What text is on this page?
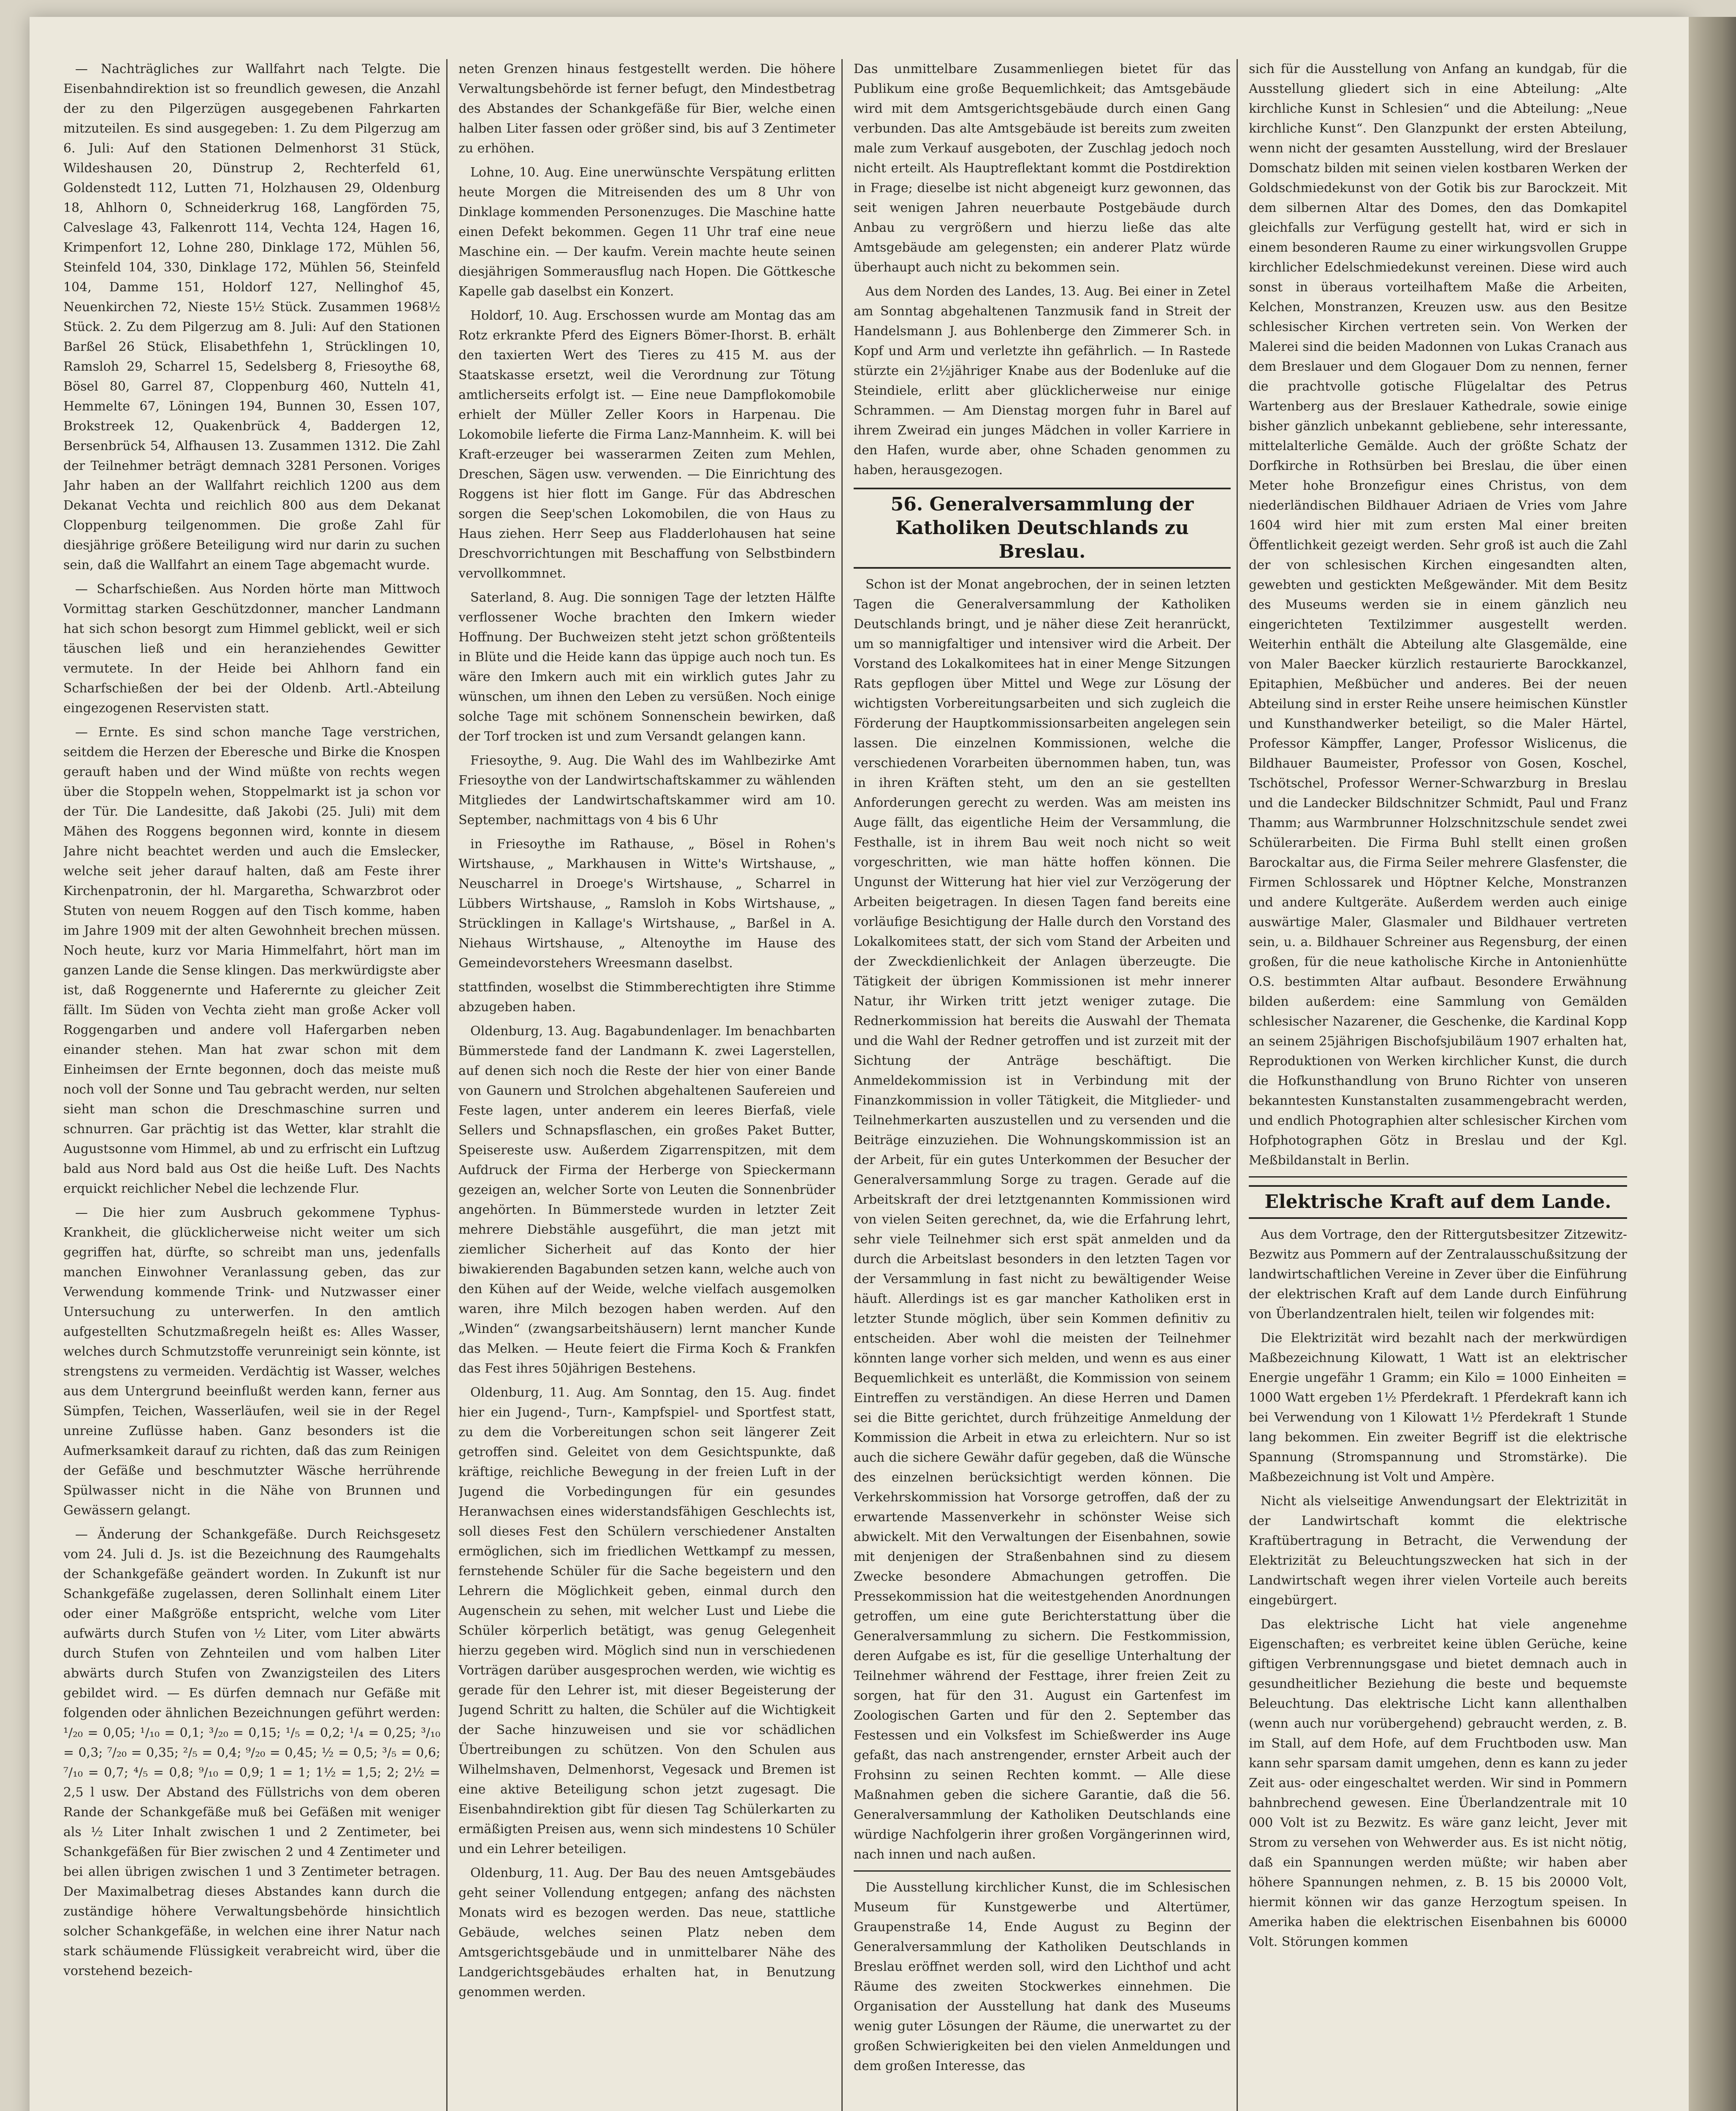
— Nachträgliches zur Wallfahrt nach Telgte. Die Eisenbahndirektion ist so freundlich gewesen, die Anzahl der zu den Pilgerzügen ausgegebenen Fahrkarten mitzuteilen. Es sind ausgegeben: 1. Zu dem Pilgerzug am 6. Juli: Auf den Stationen Delmenhorst 31 Stück, Wildeshausen 20, Dünstrup 2, Rechterfeld 61, Goldenstedt 112, Lutten 71, Holzhausen 29, Oldenburg 18, Ahlhorn 0, Schneiderkrug 168, Langförden 75, Calveslage 43, Falkenrott 114, Vechta 124, Hagen 16, Krimpenfort 12, Lohne 280, Dinklage 172, Mühlen 56, Steinfeld 104, 330, Dinklage 172, Mühlen 56, Steinfeld 104, Damme 151, Holdorf 127, Nellinghof 45, Neuenkirchen 72, Nieste 15½ Stück. Zusammen 1968½ Stück. 2. Zu dem Pilgerzug am 8. Juli: Auf den Stationen Barßel 26 Stück, Elisabethfehn 1, Strücklingen 10, Ramsloh 29, Scharrel 15, Sedelsberg 8, Friesoythe 68, Bösel 80, Garrel 87, Cloppenburg 460, Nutteln 41, Hemmelte 67, Löningen 194, Bunnen 30, Essen 107, Brokstreek 12, Quakenbrück 4, Baddergen 12, Bersenbrück 54, Alfhausen 13. Zusammen 1312. Die Zahl der Teilnehmer beträgt demnach 3281 Personen. Voriges Jahr haben an der Wallfahrt reichlich 1200 aus dem Dekanat Vechta und reichlich 800 aus dem Dekanat Cloppenburg teilgenommen. Die große Zahl für diesjährige größere Beteiligung wird nur darin zu suchen sein, daß die Wallfahrt an einem Tage abgemacht wurde.

— Scharfschießen. Aus Norden hörte man Mittwoch Vormittag starken Geschützdonner, mancher Landmann hat sich schon besorgt zum Himmel geblickt, weil er sich täuschen ließ und ein heranziehendes Gewitter vermutete. In der Heide bei Ahlhorn fand ein Scharfschießen der bei der Oldenb. Artl.-Abteilung eingezogenen Reservisten statt.

— Ernte. Es sind schon manche Tage verstrichen, seitdem die Herzen der Eberesche und Birke die Knospen gerauft haben und der Wind müßte von rechts wegen über die Stoppeln wehen, Stoppelmarkt ist ja schon vor der Tür. Die Landesitte, daß Jakobi (25. Juli) mit dem Mähen des Roggens begonnen wird, konnte in diesem Jahre nicht beachtet werden und auch die Emslecker, welche seit jeher darauf halten, daß am Feste ihrer Kirchenpatronin, der hl. Margaretha, Schwarzbrot oder Stuten von neuem Roggen auf den Tisch komme, haben im Jahre 1909 mit der alten Gewohnheit brechen müssen. Noch heute, kurz vor Maria Himmelfahrt, hört man im ganzen Lande die Sense klingen. Das merkwürdigste aber ist, daß Roggenernte und Haferernte zu gleicher Zeit fällt. Im Süden von Vechta zieht man große Acker voll Roggengarben und andere voll Hafergarben neben einander stehen. Man hat zwar schon mit dem Einheimsen der Ernte begonnen, doch das meiste muß noch voll der Sonne und Tau gebracht werden, nur selten sieht man schon die Dreschmaschine surren und schnurren. Gar prächtig ist das Wetter, klar strahlt die Augustsonne vom Himmel, ab und zu erfrischt ein Luftzug bald aus Nord bald aus Ost die heiße Luft. Des Nachts erquickt reichlicher Nebel die lechzende Flur.

— Die hier zum Ausbruch gekommene Typhus-Krankheit, die glücklicherweise nicht weiter um sich gegriffen hat, dürfte, so schreibt man uns, jedenfalls manchen Einwohner Veranlassung geben, das zur Verwendung kommende Trink- und Nutzwasser einer Untersuchung zu unterwerfen. In den amtlich aufgestellten Schutzmaßregeln heißt es: Alles Wasser, welches durch Schmutzstoffe verunreinigt sein könnte, ist strengstens zu vermeiden. Verdächtig ist Wasser, welches aus dem Untergrund beeinflußt werden kann, ferner aus Sümpfen, Teichen, Wasserläufen, weil sie in der Regel unreine Zuflüsse haben. Ganz besonders ist die Aufmerksamkeit darauf zu richten, daß das zum Reinigen der Gefäße und beschmutzter Wäsche herrührende Spülwasser nicht in die Nähe von Brunnen und Gewässern gelangt.

— Änderung der Schankgefäße. Durch Reichsgesetz vom 24. Juli d. Js. ist die Bezeichnung des Raumgehalts der Schankgefäße geändert worden. In Zukunft ist nur Schankgefäße zugelassen, deren Sollinhalt einem Liter oder einer Maßgröße entspricht, welche vom Liter aufwärts durch Stufen von ½ Liter, vom Liter abwärts durch Stufen von Zehnteilen und vom halben Liter abwärts durch Stufen von Zwanzigsteilen des Liters gebildet wird. — Es dürfen demnach nur Gefäße mit folgenden oder ähnlichen Bezeichnungen geführt werden: ¹/₂₀ = 0,05; ¹/₁₀ = 0,1; ³/₂₀ = 0,15; ¹/₅ = 0,2; ¹/₄ = 0,25; ³/₁₀ = 0,3; ⁷/₂₀ = 0,35; ²/₅ = 0,4; ⁹/₂₀ = 0,45; ½ = 0,5; ³/₅ = 0,6; ⁷/₁₀ = 0,7; ⁴/₅ = 0,8; ⁹/₁₀ = 0,9; 1 = 1; 1½ = 1,5; 2; 2½ = 2,5 l usw. Der Abstand des Füllstrichs von dem oberen Rande der Schankgefäße muß bei Gefäßen mit weniger als ½ Liter Inhalt zwischen 1 und 2 Zentimeter, bei Schankgefäßen für Bier zwischen 2 und 4 Zentimeter und bei allen übrigen zwischen 1 und 3 Zentimeter betragen. Der Maximalbetrag dieses Abstandes kann durch die zuständige höhere Verwaltungsbehörde hinsichtlich solcher Schankgefäße, in welchen eine ihrer Natur nach stark schäumende Flüssigkeit verabreicht wird, über die vorstehend bezeich-

neten Grenzen hinaus festgestellt werden. Die höhere Verwaltungsbehörde ist ferner befugt, den Mindestbetrag des Abstandes der Schankgefäße für Bier, welche einen halben Liter fassen oder größer sind, bis auf 3 Zentimeter zu erhöhen.

Lohne, 10. Aug. Eine unerwünschte Verspätung erlitten heute Morgen die Mitreisenden des um 8 Uhr von Dinklage kommenden Personenzuges. Die Maschine hatte einen Defekt bekommen. Gegen 11 Uhr traf eine neue Maschine ein. — Der kaufm. Verein machte heute seinen diesjährigen Sommerausflug nach Hopen. Die Göttkesche Kapelle gab daselbst ein Konzert.

Holdorf, 10. Aug. Erschossen wurde am Montag das am Rotz erkrankte Pferd des Eigners Bömer-Ihorst. B. erhält den taxierten Wert des Tieres zu 415 M. aus der Staatskasse ersetzt, weil die Verordnung zur Tötung amtlicherseits erfolgt ist. — Eine neue Dampflokomobile erhielt der Müller Zeller Koors in Harpenau. Die Lokomobile lieferte die Firma Lanz-Mannheim. K. will bei Kraft-erzeuger bei wasserarmen Zeiten zum Mehlen, Dreschen, Sägen usw. verwenden. — Die Einrichtung des Roggens ist hier flott im Gange. Für das Abdreschen sorgen die Seep'schen Lokomobilen, die von Haus zu Haus ziehen. Herr Seep aus Fladderlohausen hat seine Dreschvorrichtungen mit Beschaffung von Selbstbindern vervollkommnet.

Saterland, 8. Aug. Die sonnigen Tage der letzten Hälfte verflossener Woche brachten den Imkern wieder Hoffnung. Der Buchweizen steht jetzt schon größtenteils in Blüte und die Heide kann das üppige auch noch tun. Es wäre den Imkern auch mit ein wirklich gutes Jahr zu wünschen, um ihnen den Leben zu versüßen. Noch einige solche Tage mit schönem Sonnenschein bewirken, daß der Torf trocken ist und zum Versandt gelangen kann.

Friesoythe, 9. Aug. Die Wahl des im Wahlbezirke Amt Friesoythe von der Landwirtschaftskammer zu wählenden Mitgliedes der Landwirtschaftskammer wird am 10. September, nachmittags von 4 bis 6 Uhr

in Friesoythe im Rathause, „ Bösel in Rohen's Wirtshause, „ Markhausen in Witte's Wirtshause, „ Neuscharrel in Droege's Wirtshause, „ Scharrel in Lübbers Wirtshause, „ Ramsloh in Kobs Wirtshause, „ Strücklingen in Kallage's Wirtshause, „ Barßel in A. Niehaus Wirtshause, „ Altenoythe im Hause des Gemeindevorstehers Wreesmann daselbst.

stattfinden, woselbst die Stimmberechtigten ihre Stimme abzugeben haben.

Oldenburg, 13. Aug. Bagabundenlager. Im benachbarten Bümmerstede fand der Landmann K. zwei Lagerstellen, auf denen sich noch die Reste der hier von einer Bande von Gaunern und Strolchen abgehaltenen Saufereien und Feste lagen, unter anderem ein leeres Bierfaß, viele Sellers und Schnapsflaschen, ein großes Paket Butter, Speisereste usw. Außerdem Zigarrenspitzen, mit dem Aufdruck der Firma der Herberge von Spieckermann gezeigen an, welcher Sorte von Leuten die Sonnenbrüder angehörten. In Bümmerstede wurden in letzter Zeit mehrere Diebstähle ausgeführt, die man jetzt mit ziemlicher Sicherheit auf das Konto der hier biwakierenden Bagabunden setzen kann, welche auch von den Kühen auf der Weide, welche vielfach ausgemolken waren, ihre Milch bezogen haben werden. Auf den „Winden“ (zwangsarbeitshäusern) lernt mancher Kunde das Melken. — Heute feiert die Firma Koch & Frankfen das Fest ihres 50jährigen Bestehens.

Oldenburg, 11. Aug. Am Sonntag, den 15. Aug. findet hier ein Jugend-, Turn-, Kampfspiel- und Sportfest statt, zu dem die Vorbereitungen schon seit längerer Zeit getroffen sind. Geleitet von dem Gesichtspunkte, daß kräftige, reichliche Bewegung in der freien Luft in der Jugend die Vorbedingungen für ein gesundes Heranwachsen eines widerstandsfähigen Geschlechts ist, soll dieses Fest den Schülern verschiedener Anstalten ermöglichen, sich im friedlichen Wettkampf zu messen, fernstehende Schüler für die Sache begeistern und den Lehrern die Möglichkeit geben, einmal durch den Augenschein zu sehen, mit welcher Lust und Liebe die Schüler körperlich betätigt, was genug Gelegenheit hierzu gegeben wird. Möglich sind nun in verschiedenen Vorträgen darüber ausgesprochen werden, wie wichtig es gerade für den Lehrer ist, mit dieser Begeisterung der Jugend Schritt zu halten, die Schüler auf die Wichtigkeit der Sache hinzuweisen und sie vor schädlichen Übertreibungen zu schützen. Von den Schulen aus Wilhelmshaven, Delmenhorst, Vegesack und Bremen ist eine aktive Beteiligung schon jetzt zugesagt. Die Eisenbahndirektion gibt für diesen Tag Schülerkarten zu ermäßigten Preisen aus, wenn sich mindestens 10 Schüler und ein Lehrer beteiligen.

Oldenburg, 11. Aug. Der Bau des neuen Amtsgebäudes geht seiner Vollendung entgegen; anfang des nächsten Monats wird es bezogen werden. Das neue, stattliche Gebäude, welches seinen Platz neben dem Amtsgerichtsgebäude und in unmittelbarer Nähe des Landgerichtsgebäudes erhalten hat, in Benutzung genommen werden.

Das unmittelbare Zusammenliegen bietet für das Publikum eine große Bequemlichkeit; das Amtsgebäude wird mit dem Amtsgerichtsgebäude durch einen Gang verbunden. Das alte Amtsgebäude ist bereits zum zweiten male zum Verkauf ausgeboten, der Zuschlag jedoch noch nicht erteilt. Als Hauptreflektant kommt die Postdirektion in Frage; dieselbe ist nicht abgeneigt kurz gewonnen, das seit wenigen Jahren neuerbaute Postgebäude durch Anbau zu vergrößern und hierzu ließe das alte Amtsgebäude am gelegensten; ein anderer Platz würde überhaupt auch nicht zu bekommen sein.

Aus dem Norden des Landes, 13. Aug. Bei einer in Zetel am Sonntag abgehaltenen Tanzmusik fand in Streit der Handelsmann J. aus Bohlenberge den Zimmerer Sch. in Kopf und Arm und verletzte ihn gefährlich. — In Rastede stürzte ein 2½jähriger Knabe aus der Bodenluke auf die Steindiele, erlitt aber glücklicherweise nur einige Schrammen. — Am Dienstag morgen fuhr in Barel auf ihrem Zweirad ein junges Mädchen in voller Karriere in den Hafen, wurde aber, ohne Schaden genommen zu haben, herausgezogen.

56. Generalversammlung der Katholiken Deutschlands zu Breslau.

Schon ist der Monat angebrochen, der in seinen letzten Tagen die Generalversammlung der Katholiken Deutschlands bringt, und je näher diese Zeit heranrückt, um so mannigfaltiger und intensiver wird die Arbeit. Der Vorstand des Lokalkomitees hat in einer Menge Sitzungen Rats gepflogen über Mittel und Wege zur Lösung der wichtigsten Vorbereitungsarbeiten und sich zugleich die Förderung der Hauptkommissionsarbeiten angelegen sein lassen. Die einzelnen Kommissionen, welche die verschiedenen Vorarbeiten übernommen haben, tun, was in ihren Kräften steht, um den an sie gestellten Anforderungen gerecht zu werden. Was am meisten ins Auge fällt, das eigentliche Heim der Versammlung, die Festhalle, ist in ihrem Bau weit noch nicht so weit vorgeschritten, wie man hätte hoffen können. Die Ungunst der Witterung hat hier viel zur Verzögerung der Arbeiten beigetragen. In diesen Tagen fand bereits eine vorläufige Besichtigung der Halle durch den Vorstand des Lokalkomitees statt, der sich vom Stand der Arbeiten und der Zweckdienlichkeit der Anlagen überzeugte. Die Tätigkeit der übrigen Kommissionen ist mehr innerer Natur, ihr Wirken tritt jetzt weniger zutage. Die Rednerkommission hat bereits die Auswahl der Themata und die Wahl der Redner getroffen und ist zurzeit mit der Sichtung der Anträge beschäftigt. Die Anmeldekommission ist in Verbindung mit der Finanzkommission in voller Tätigkeit, die Mitglieder- und Teilnehmerkarten auszustellen und zu versenden und die Beiträge einzuziehen. Die Wohnungskommission ist an der Arbeit, für ein gutes Unterkommen der Besucher der Generalversammlung Sorge zu tragen. Gerade auf die Arbeitskraft der drei letztgenannten Kommissionen wird von vielen Seiten gerechnet, da, wie die Erfahrung lehrt, sehr viele Teilnehmer sich erst spät anmelden und da durch die Arbeitslast besonders in den letzten Tagen vor der Versammlung in fast nicht zu bewältigender Weise häuft. Allerdings ist es gar mancher Katholiken erst in letzter Stunde möglich, über sein Kommen definitiv zu entscheiden. Aber wohl die meisten der Teilnehmer könnten lange vorher sich melden, und wenn es aus einer Bequemlichkeit es unterläßt, die Kommission von seinem Eintreffen zu verständigen. An diese Herren und Damen sei die Bitte gerichtet, durch frühzeitige Anmeldung der Kommission die Arbeit in etwa zu erleichtern. Nur so ist auch die sichere Gewähr dafür gegeben, daß die Wünsche des einzelnen berücksichtigt werden können. Die Verkehrskommission hat Vorsorge getroffen, daß der zu erwartende Massenverkehr in schönster Weise sich abwickelt. Mit den Verwaltungen der Eisenbahnen, sowie mit denjenigen der Straßenbahnen sind zu diesem Zwecke besondere Abmachungen getroffen. Die Pressekommission hat die weitestgehenden Anordnungen getroffen, um eine gute Berichterstattung über die Generalversammlung zu sichern. Die Festkommission, deren Aufgabe es ist, für die gesellige Unterhaltung der Teilnehmer während der Festtage, ihrer freien Zeit zu sorgen, hat für den 31. August ein Gartenfest im Zoologischen Garten und für den 2. September das Festessen und ein Volksfest im Schießwerder ins Auge gefaßt, das nach anstrengender, ernster Arbeit auch der Frohsinn zu seinen Rechten kommt. — Alle diese Maßnahmen geben die sichere Garantie, daß die 56. Generalversammlung der Katholiken Deutschlands eine würdige Nachfolgerin ihrer großen Vorgängerinnen wird, nach innen und nach außen.

Die Ausstellung kirchlicher Kunst, die im Schlesischen Museum für Kunstgewerbe und Altertümer, Graupenstraße 14, Ende August zu Beginn der Generalversammlung der Katholiken Deutschlands in Breslau eröffnet werden soll, wird den Lichthof und acht Räume des zweiten Stockwerkes einnehmen. Die Organisation der Ausstellung hat dank des Museums wenig guter Lösungen der Räume, die unerwartet zu der großen Schwierigkeiten bei den vielen Anmeldungen und dem großen Interesse, das

sich für die Ausstellung von Anfang an kundgab, für die Ausstellung gliedert sich in eine Abteilung: „Alte kirchliche Kunst in Schlesien“ und die Abteilung: „Neue kirchliche Kunst“. Den Glanzpunkt der ersten Abteilung, wenn nicht der gesamten Ausstellung, wird der Breslauer Domschatz bilden mit seinen vielen kostbaren Werken der Goldschmiedekunst von der Gotik bis zur Barockzeit. Mit dem silbernen Altar des Domes, den das Domkapitel gleichfalls zur Verfügung gestellt hat, wird er sich in einem besonderen Raume zu einer wirkungsvollen Gruppe kirchlicher Edelschmiedekunst vereinen. Diese wird auch sonst in überaus vorteilhaftem Maße die Arbeiten, Kelchen, Monstranzen, Kreuzen usw. aus den Besitze schlesischer Kirchen vertreten sein. Von Werken der Malerei sind die beiden Madonnen von Lukas Cranach aus dem Breslauer und dem Glogauer Dom zu nennen, ferner die prachtvolle gotische Flügelaltar des Petrus Wartenberg aus der Breslauer Kathedrale, sowie einige bisher gänzlich unbekannt gebliebene, sehr interessante, mittelalterliche Gemälde. Auch der größte Schatz der Dorfkirche in Rothsürben bei Breslau, die über einen Meter hohe Bronzefigur eines Christus, von dem niederländischen Bildhauer Adriaen de Vries vom Jahre 1604 wird hier mit zum ersten Mal einer breiten Öffentlichkeit gezeigt werden. Sehr groß ist auch die Zahl der von schlesischen Kirchen eingesandten alten, gewebten und gestickten Meßgewänder. Mit dem Besitz des Museums werden sie in einem gänzlich neu eingerichteten Textilzimmer ausgestellt werden. Weiterhin enthält die Abteilung alte Glasgemälde, eine von Maler Baecker kürzlich restaurierte Barockkanzel, Epitaphien, Meßbücher und anderes. Bei der neuen Abteilung sind in erster Reihe unsere heimischen Künstler und Kunsthandwerker beteiligt, so die Maler Härtel, Professor Kämpffer, Langer, Professor Wislicenus, die Bildhauer Baumeister, Professor von Gosen, Koschel, Tschötschel, Professor Werner-Schwarzburg in Breslau und die Landecker Bildschnitzer Schmidt, Paul und Franz Thamm; aus Warmbrunner Holzschnitzschule sendet zwei Schülerarbeiten. Die Firma Buhl stellt einen großen Barockaltar aus, die Firma Seiler mehrere Glasfenster, die Firmen Schlossarek und Höptner Kelche, Monstranzen und andere Kultgeräte. Außerdem werden auch einige auswärtige Maler, Glasmaler und Bildhauer vertreten sein, u. a. Bildhauer Schreiner aus Regensburg, der einen großen, für die neue katholische Kirche in Antonienhütte O.S. bestimmten Altar aufbaut. Besondere Erwähnung bilden außerdem: eine Sammlung von Gemälden schlesischer Nazarener, die Geschenke, die Kardinal Kopp an seinem 25jährigen Bischofsjubiläum 1907 erhalten hat, Reproduktionen von Werken kirchlicher Kunst, die durch die Hofkunsthandlung von Bruno Richter von unseren bekanntesten Kunstanstalten zusammengebracht werden, und endlich Photographien alter schlesischer Kirchen vom Hofphotographen Götz in Breslau und der Kgl. Meßbildanstalt in Berlin.

Elektrische Kraft auf dem Lande.

Aus dem Vortrage, den der Rittergutsbesitzer Zitzewitz-Bezwitz aus Pommern auf der Zentralausschußsitzung der landwirtschaftlichen Vereine in Zever über die Einführung der elektrischen Kraft auf dem Lande durch Einführung von Überlandzentralen hielt, teilen wir folgendes mit:

Die Elektrizität wird bezahlt nach der merkwürdigen Maßbezeichnung Kilowatt, 1 Watt ist an elektrischer Energie ungefähr 1 Gramm; ein Kilo = 1000 Einheiten = 1000 Watt ergeben 1½ Pferdekraft. 1 Pferdekraft kann ich bei Verwendung von 1 Kilowatt 1½ Pferdekraft 1 Stunde lang bekommen. Ein zweiter Begriff ist die elektrische Spannung (Stromspannung und Stromstärke). Die Maßbezeichnung ist Volt und Ampère.

Nicht als vielseitige Anwendungsart der Elektrizität in der Landwirtschaft kommt die elektrische Kraftübertragung in Betracht, die Verwendung der Elektrizität zu Beleuchtungszwecken hat sich in der Landwirtschaft wegen ihrer vielen Vorteile auch bereits eingebürgert.

Das elektrische Licht hat viele angenehme Eigenschaften; es verbreitet keine üblen Gerüche, keine giftigen Verbrennungsgase und bietet demnach auch in gesundheitlicher Beziehung die beste und bequemste Beleuchtung. Das elektrische Licht kann allenthalben (wenn auch nur vorübergehend) gebraucht werden, z. B. im Stall, auf dem Hofe, auf dem Fruchtboden usw. Man kann sehr sparsam damit umgehen, denn es kann zu jeder Zeit aus- oder eingeschaltet werden. Wir sind in Pommern bahnbrechend gewesen. Eine Überlandzentrale mit 10 000 Volt ist zu Bezwitz. Es wäre ganz leicht, Jever mit Strom zu versehen von Wehwerder aus. Es ist nicht nötig, daß ein Spannungen werden müßte; wir haben aber höhere Spannungen nehmen, z. B. 15 bis 20000 Volt, hiermit können wir das ganze Herzogtum speisen. In Amerika haben die elektrischen Eisenbahnen bis 60000 Volt. Störungen kommen
